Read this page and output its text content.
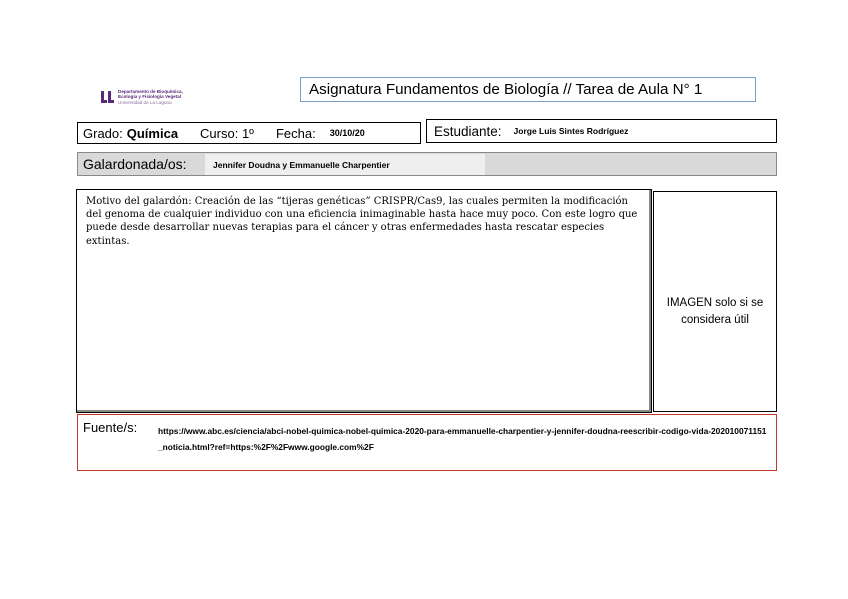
Departamento de Bioquímica,
Ecología y Fisiología Vegetal
Universidad de La Laguna
Asignatura Fundamentos de Biología // Tarea de Aula N° 1
Grado: Química Curso: 1º Fecha: 30/10/20	Estudiante: Jorge Luis Sintes Rodríguez
Galardonada/os:	Jennifer Doudna y Emmanuelle Charpentier
Motivo del galardón: Creación de las “tijeras genéticas” CRISPR/Cas9, las cuales permiten la modificación del genoma de cualquier individuo con una eficiencia inimaginable hasta hace muy poco. Con este logro que puede desde desarrollar nuevas terapias para el cáncer y otras enfermedades hasta rescatar especies extintas.
IMAGEN solo si se considera útil
Fuente/s: https://www.abc.es/ciencia/abci-nobel-quimica-nobel-quimica-2020-para-emmanuelle-charpentier-y-jennifer-doudna-reescribir-codigo-vida-202010071151_noticia.html?ref=https:%2F%2Fwww.google.com%2F
